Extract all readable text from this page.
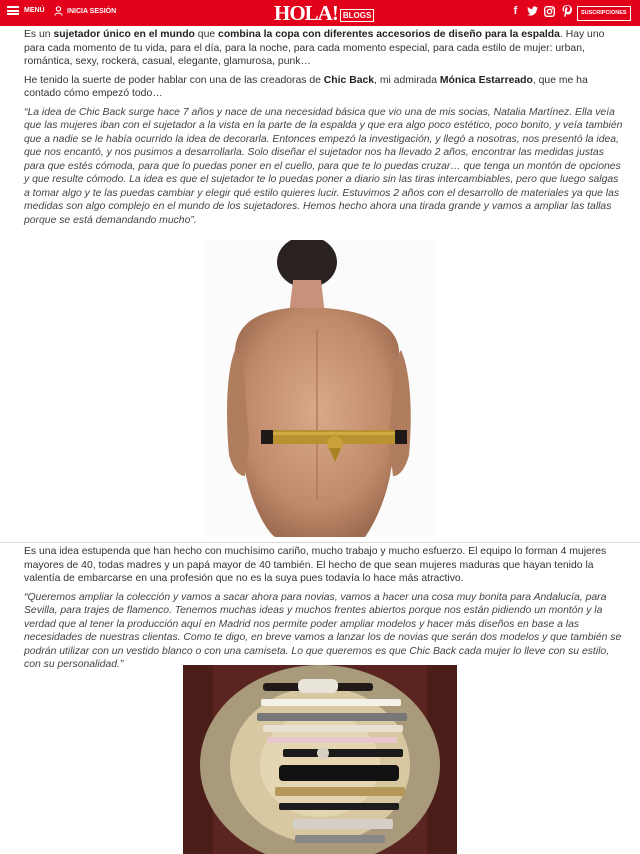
MENÚ	INICIA SESIÓN	HOLA! BLOGS	f	SUSCRIPCIONES

Es un sujetador único en el mundo que combina la copa con diferentes accesorios de diseño para la espalda. Hay uno para cada momento de tu vida, para el día, para la noche, para cada momento especial, para cada estilo de mujer: urban, romántica, sexy, rockera, casual, elegante, glamurosa, punk…

He tenido la suerte de poder hablar con una de las creadoras de Chic Back, mi admirada Mónica Estarreado, que me ha contado cómo empezó todo…

“La idea de Chic Back surge hace 7 años y nace de una necesidad básica que vio una de mis socias, Natalia Martínez. Ella veía que las mujeres iban con el sujetador a la vista en la parte de la espalda y que era algo poco estético, poco bonito, y veía también que a nadie se le había ocurrido la idea de decorarla. Entonces empezó la investigación, y llegó a nosotras, nos presentó la idea, que nos encantó, y nos pusimos a desarrollarla. Solo diseñar el sujetador nos ha llevado 2 años, encontrar las medidas justas para que estés cómoda, para que lo puedas poner en el cuello, para que te lo puedas cruzar… que tenga un montón de opciones y que resulte cómodo. La idea es que el sujetador te lo puedas poner a diario sin las tiras intercambiables, pero que luego salgas a tomar algo y te las puedas cambiar y elegir qué estilo quieres lucir. Estuvimos 2 años con el desarrollo de materiales ya que las medidas son algo complejo en el mundo de los sujetadores. Hemos hecho ahora una tirada grande y vamos a ampliar las tallas porque se está demandando mucho”.

Es una idea estupenda que han hecho con muchísimo cariño, mucho trabajo y mucho esfuerzo. El equipo lo forman 4 mujeres mayores de 40, todas madres y un papá mayor de 40 también. El hecho de que sean mujeres maduras que hayan tenido la valentía de embarcarse en una profesión que no es la suya pues todavía lo hace más atractivo.

“Queremos ampliar la colección y vamos a sacar ahora para novias, vamos a hacer una cosa muy bonita para Andalucía, para Sevilla, para trajes de flamenco. Tenemos muchas ideas y muchos frentes abiertos porque nos están pidiendo un montón y la verdad que al tener la producción aquí en Madrid nos permite poder ampliar modelos y hacer más diseños en base a las necesidades de nuestras clientas. Como te digo, en breve vamos a lanzar los de novias que serán dos modelos y que también se podrán utilizar con un vestido blanco o con una camiseta. Lo que queremos es que Chic Back cada mujer lo lleve con su estilo, con su personalidad.”
